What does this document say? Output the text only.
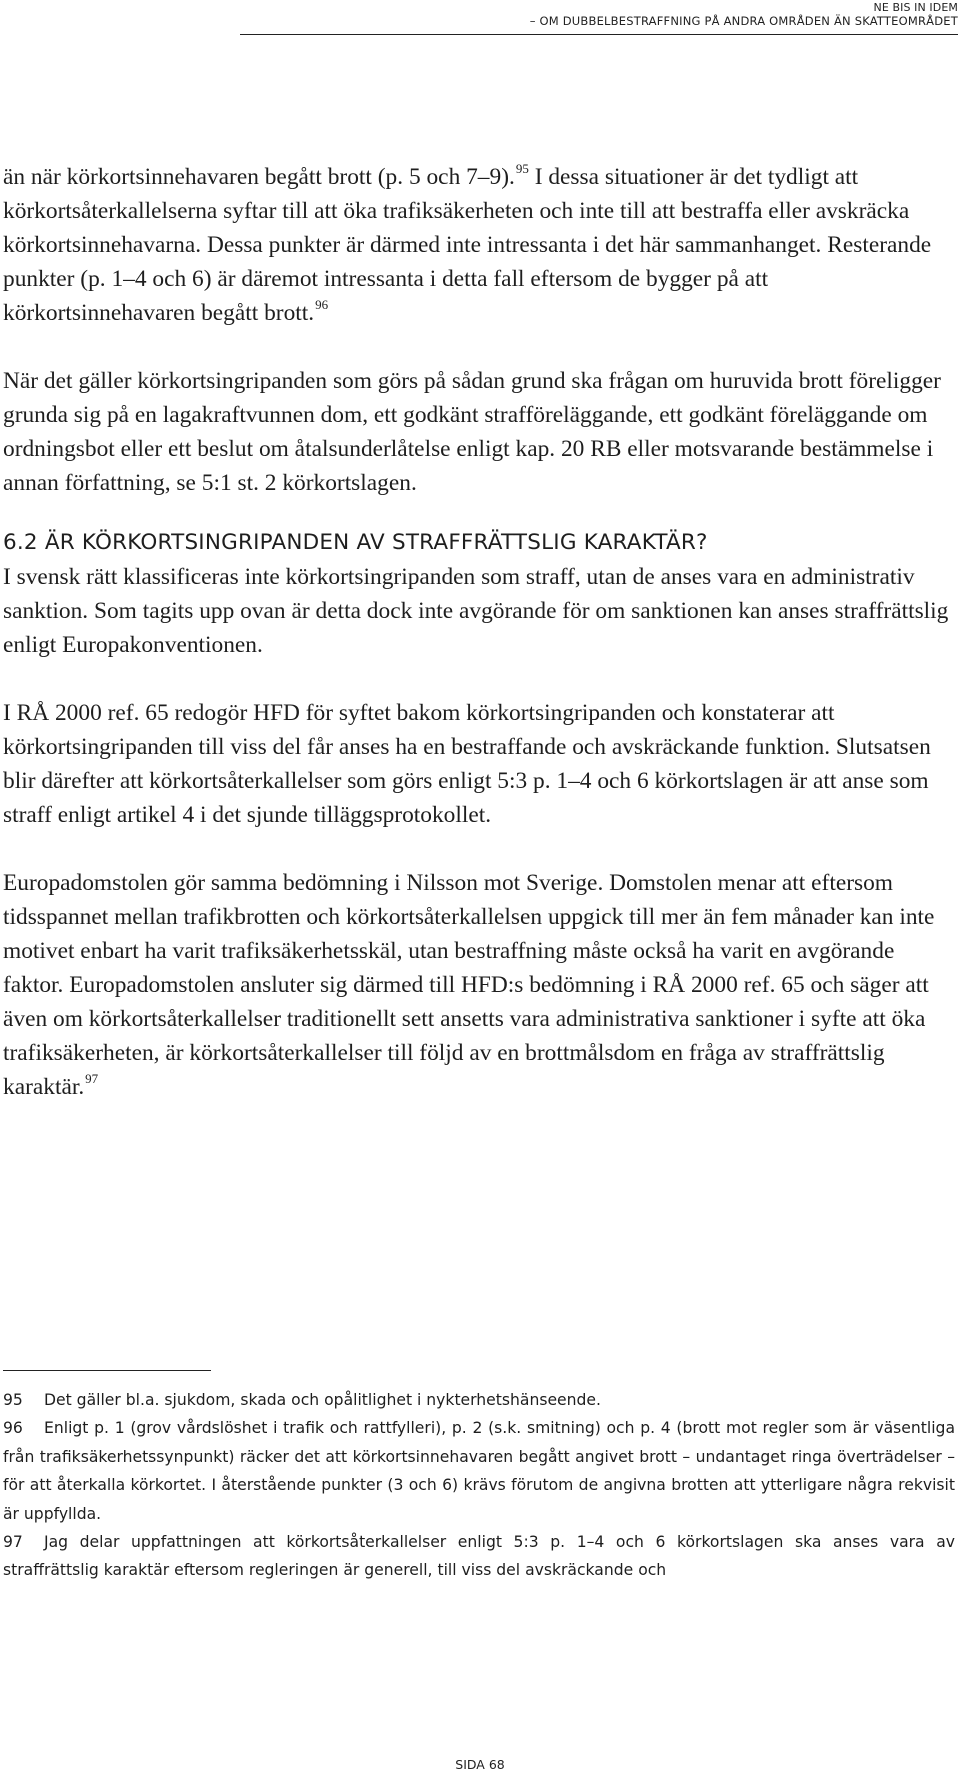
NE BIS IN IDEM
– OM DUBBELBESTRAFFNING PÅ ANDRA OMRÅDEN ÄN SKATTEOMRÅDET

än när körkortsinnehavaren begått brott (p. 5 och 7–9).$^{95}$ I dessa situationer är det tydligt att körkortsåterkallelserna syftar till att öka trafiksäkerheten och inte till att bestraffa eller avskräcka körkortsinnehavarna. Dessa punkter är därmed inte intressanta i det här sammanhanget. Resterande punkter (p. 1–4 och 6) är däremot intressanta i detta fall eftersom de bygger på att körkortsinnehavaren begått brott.$^{96}$

När det gäller körkortsingripanden som görs på sådan grund ska frågan om huruvida brott föreligger grunda sig på en lagakraftvunnen dom, ett godkänt strafföreläggande, ett godkänt föreläggande om ordningsbot eller ett beslut om åtalsunderlåtelse enligt kap. 20 RB eller motsvarande bestämmelse i annan författning, se 5:1 st. 2 körkortslagen.

6.2 ÄR KÖRKORTSINGRIPANDEN AV STRAFFRÄTTSLIG KARAKTÄR?

I svensk rätt klassificeras inte körkortsingripanden som straff, utan de anses vara en administrativ sanktion. Som tagits upp ovan är detta dock inte avgörande för om sanktionen kan anses straffrättslig enligt Europakonventionen.

I RÅ 2000 ref. 65 redogör HFD för syftet bakom körkortsingripanden och konstaterar att körkortsingripanden till viss del får anses ha en bestraffande och avskräckande funktion. Slutsatsen blir därefter att körkortsåterkallelser som görs enligt 5:3 p. 1–4 och 6 körkortslagen är att anse som straff enligt artikel 4 i det sjunde tilläggsprotokollet.

Europadomstolen gör samma bedömning i Nilsson mot Sverige. Domstolen menar att eftersom tidsspannet mellan trafikbrotten och körkortsåterkallelsen uppgick till mer än fem månader kan inte motivet enbart ha varit trafiksäkerhetsskäl, utan bestraffning måste också ha varit en avgörande faktor. Europadomstolen ansluter sig därmed till HFD:s bedömning i RÅ 2000 ref. 65 och säger att även om körkortsåterkallelser traditionellt sett ansetts vara administrativa sanktioner i syfte att öka trafiksäkerheten, är körkortsåterkallelser till följd av en brottmålsdom en fråga av straffrättslig karaktär.$^{97}$

95 Det gäller bl.a. sjukdom, skada och opålitlighet i nykterhetshänseende.

96 Enligt p. 1 (grov vårdslöshet i trafik och rattfylleri), p. 2 (s.k. smitning) och p. 4 (brott mot regler som är väsentliga från trafiksäkerhetssynpunkt) räcker det att körkortsinnehavaren begått angivet brott – undantaget ringa överträdelser – för att återkalla körkortet. I återstående punkter (3 och 6) krävs förutom de angivna brotten att ytterligare några rekvisit är uppfyllda.

97 Jag delar uppfattningen att körkortsåterkallelser enligt 5:3 p. 1–4 och 6 körkortslagen ska anses vara av straffrättslig karaktär eftersom regleringen är generell, till viss del avskräckande och

SIDA 68
